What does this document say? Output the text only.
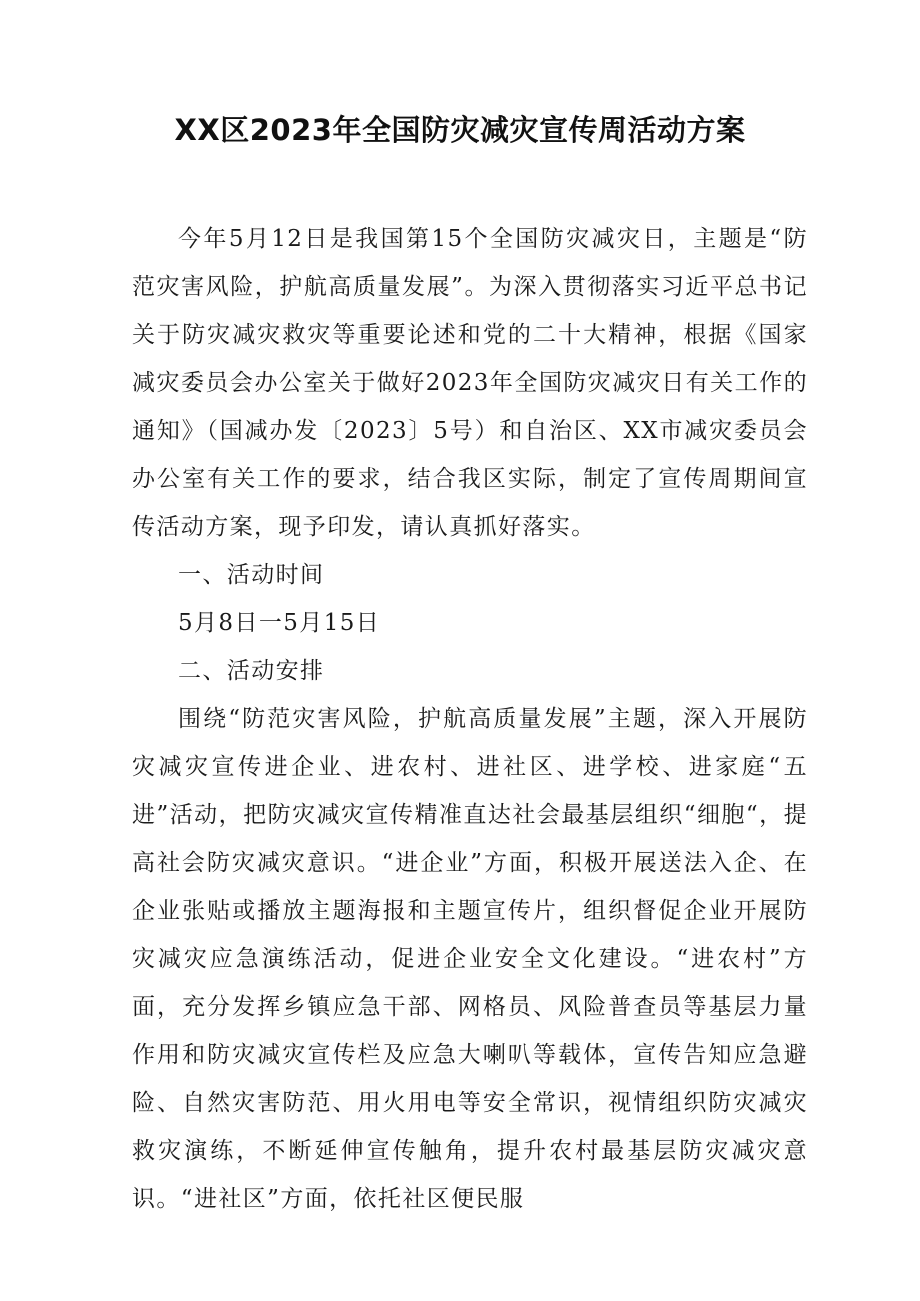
XX区2023年全国防灾减灾宣传周活动方案

今年5月12日是我国第15个全国防灾减灾日，主题是“防范灾害风险，护航高质量发展”。为深入贯彻落实习近平总书记关于防灾减灾救灾等重要论述和党的二十大精神，根据《国家减灾委员会办公室关于做好2023年全国防灾减灾日有关工作的通知》（国减办发〔2023〕5号）和自治区、XX市减灾委员会办公室有关工作的要求，结合我区实际，制定了宣传周期间宣传活动方案，现予印发，请认真抓好落实。

一、活动时间

5月8日一5月15日

二、活动安排

围绕“防范灾害风险，护航高质量发展”主题，深入开展防灾减灾宣传进企业、进农村、进社区、进学校、进家庭“五进”活动，把防灾减灾宣传精准直达社会最基层组织“细胞“，提高社会防灾减灾意识。“进企业”方面，积极开展送法入企、在企业张贴或播放主题海报和主题宣传片，组织督促企业开展防灾减灾应急演练活动，促进企业安全文化建设。“进农村”方面，充分发挥乡镇应急干部、网格员、风险普查员等基层力量作用和防灾减灾宣传栏及应急大喇叭等载体，宣传告知应急避险、自然灾害防范、用火用电等安全常识，视情组织防灾减灾救灾演练，不断延伸宣传触角，提升农村最基层防灾减灾意识。“进社区”方面，依托社区便民服
